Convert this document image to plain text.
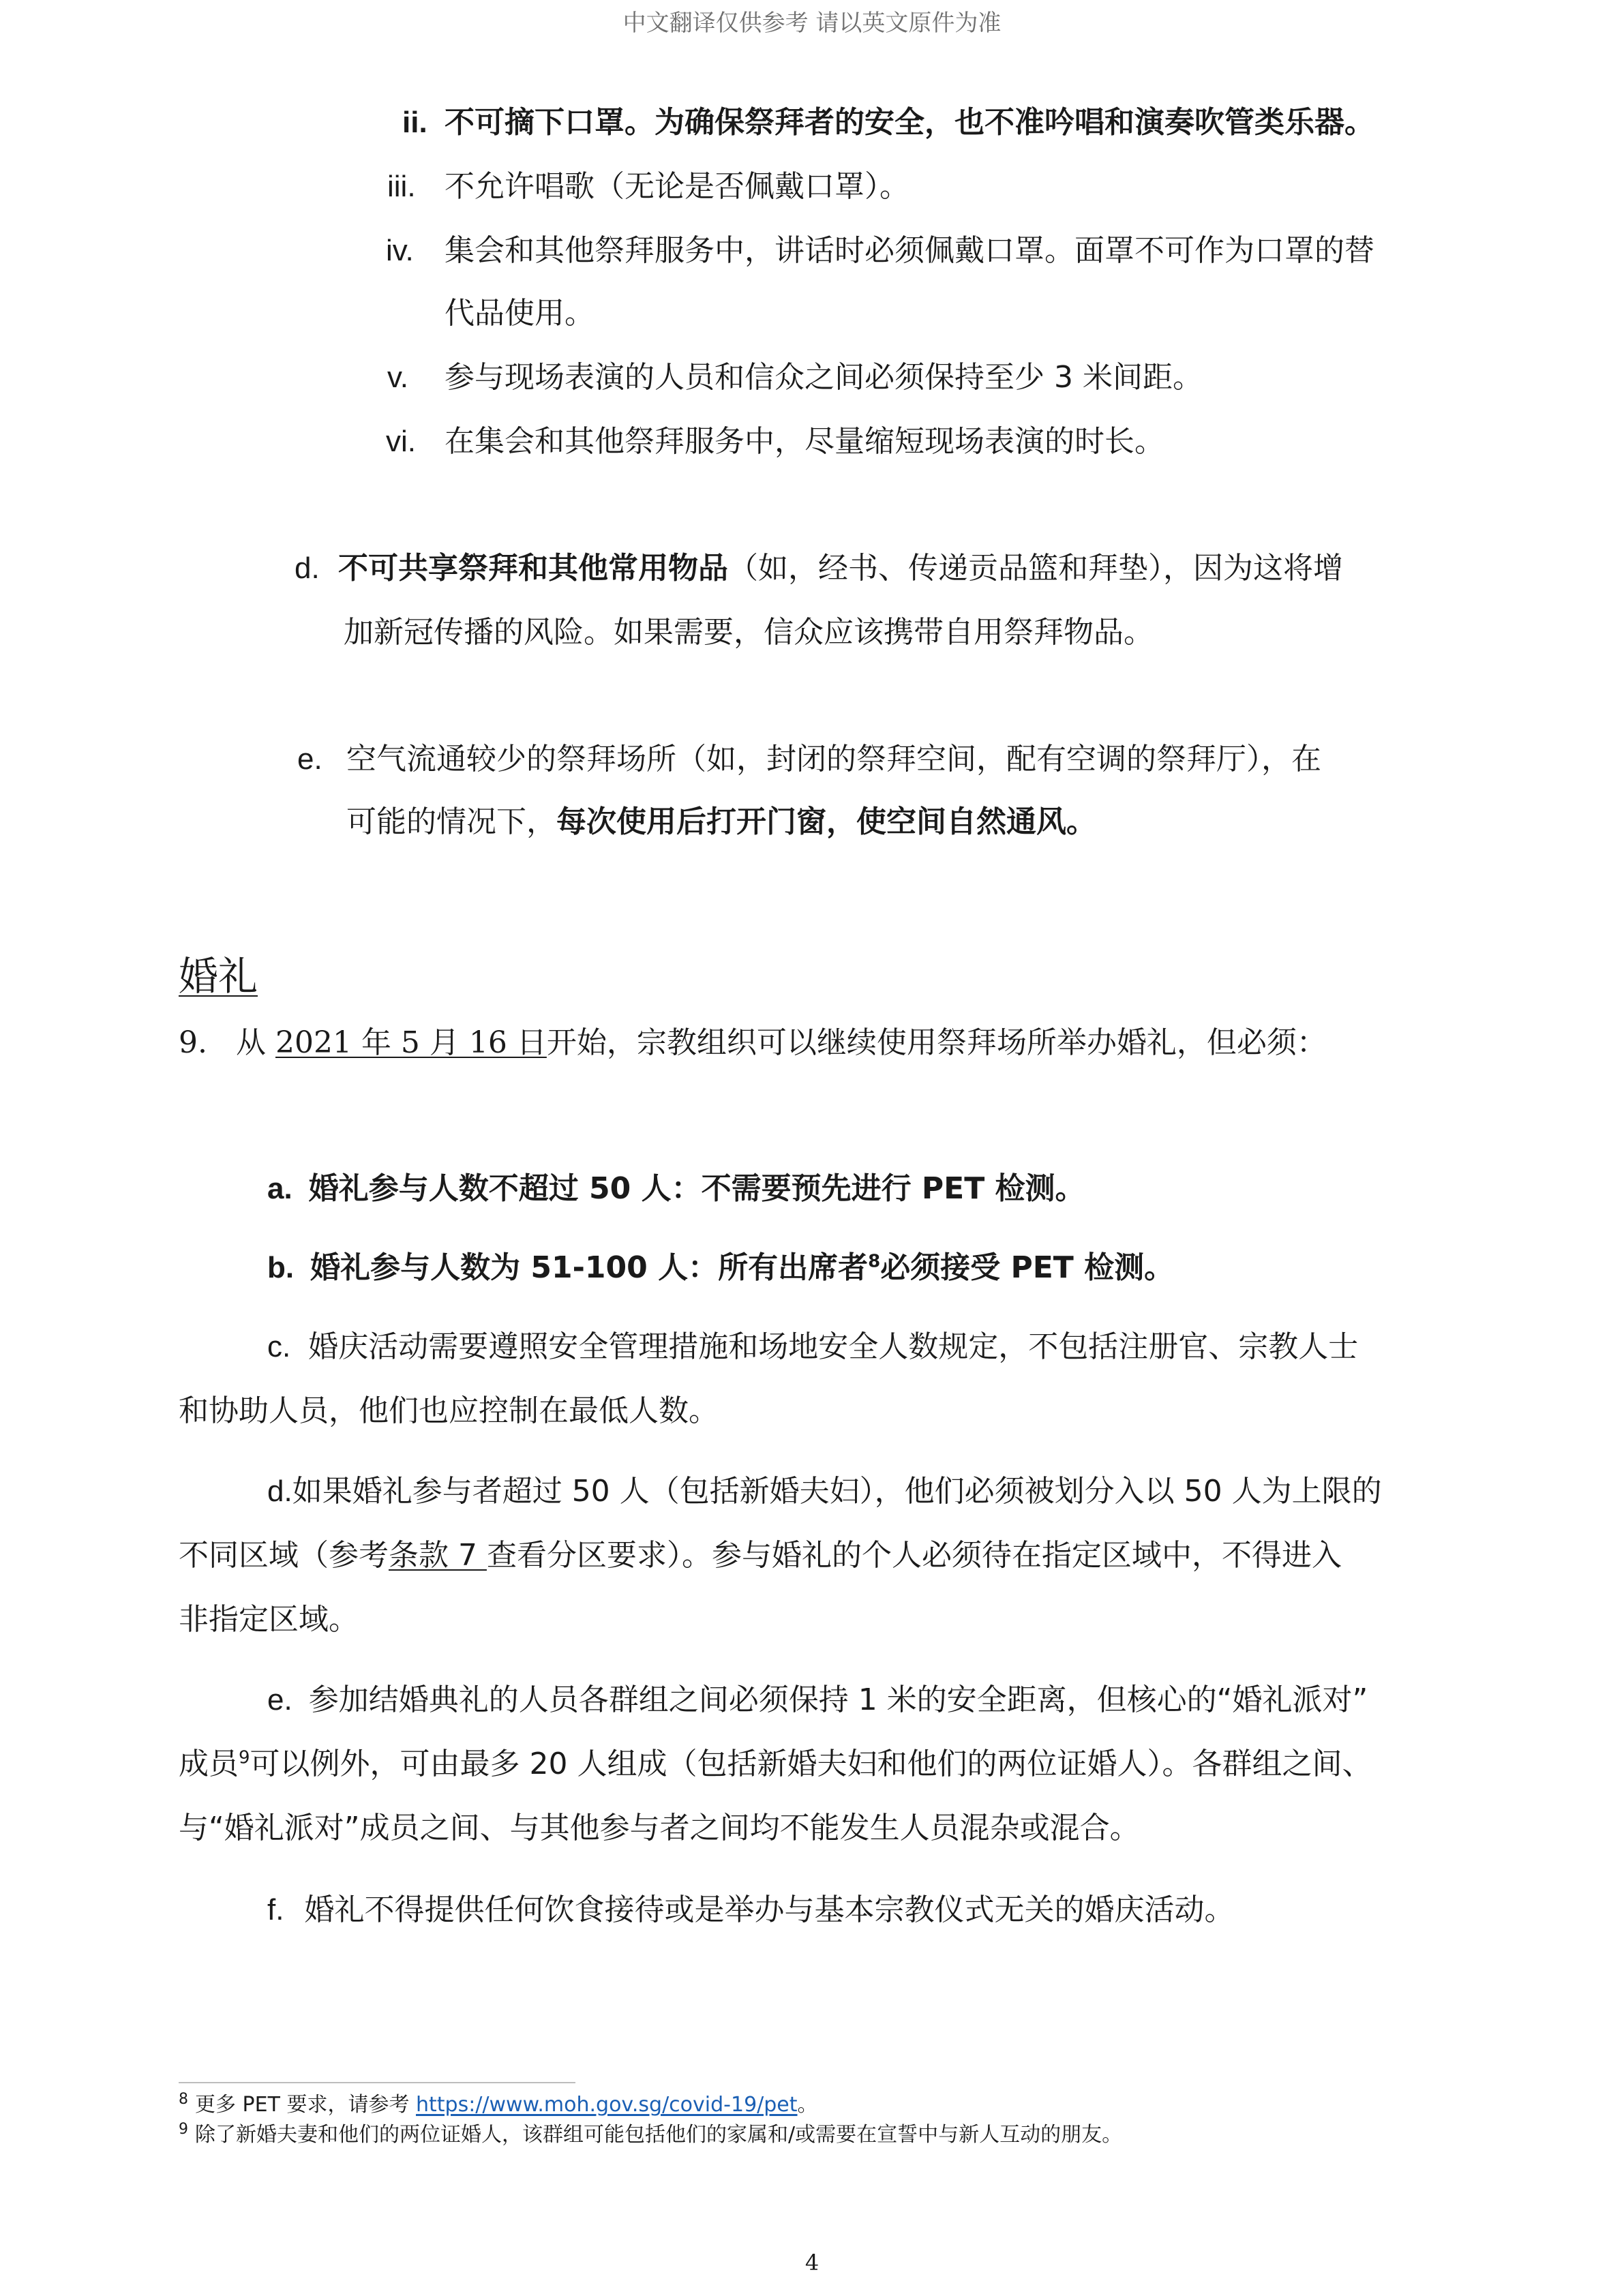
中文翻译仅供参考 请以英文原件为准
ii. 不可摘下口罩。为确保祭拜者的安全，也不准吟唱和演奏吹管类乐器。
iii. 不允许唱歌（无论是否佩戴口罩）。
iv. 集会和其他祭拜服务中，讲话时必须佩戴口罩。面罩不可作为口罩的替
代品使用。
v. 参与现场表演的人员和信众之间必须保持至少 3 米间距。
vi. 在集会和其他祭拜服务中，尽量缩短现场表演的时长。
d. 不可共享祭拜和其他常用物品（如，经书、传递贡品篮和拜垫），因为这将增
加新冠传播的风险。如果需要，信众应该携带自用祭拜物品。
e. 空气流通较少的祭拜场所（如，封闭的祭拜空间，配有空调的祭拜厅），在
可能的情况下，每次使用后打开门窗，使空间自然通风。
婚礼
9. 从 2021 年 5 月 16 日开始，宗教组织可以继续使用祭拜场所举办婚礼，但必须：
a. 婚礼参与人数不超过 50 人：不需要预先进行 PET 检测。
b. 婚礼参与人数为 51-100 人：所有出席者$^8$必须接受 PET 检测。
c. 婚庆活动需要遵照安全管理措施和场地安全人数规定，不包括注册官、宗教人士
和协助人员，他们也应控制在最低人数。
d.如果婚礼参与者超过 50 人（包括新婚夫妇），他们必须被划分入以 50 人为上限的
不同区域（参考条款 7 查看分区要求）。参与婚礼的个人必须待在指定区域中，不得进入
非指定区域。
e. 参加结婚典礼的人员各群组之间必须保持 1 米的安全距离，但核心的“婚礼派对”
成员$^9$可以例外，可由最多 20 人组成（包括新婚夫妇和他们的两位证婚人）。各群组之间、
与“婚礼派对”成员之间、与其他参与者之间均不能发生人员混杂或混合。
f. 婚礼不得提供任何饮食接待或是举办与基本宗教仪式无关的婚庆活动。
$^8$ 更多 PET 要求，请参考 https://www.moh.gov.sg/covid-19/pet。
$^9$ 除了新婚夫妻和他们的两位证婚人，该群组可能包括他们的家属和/或需要在宣誓中与新人互动的朋友。
4
